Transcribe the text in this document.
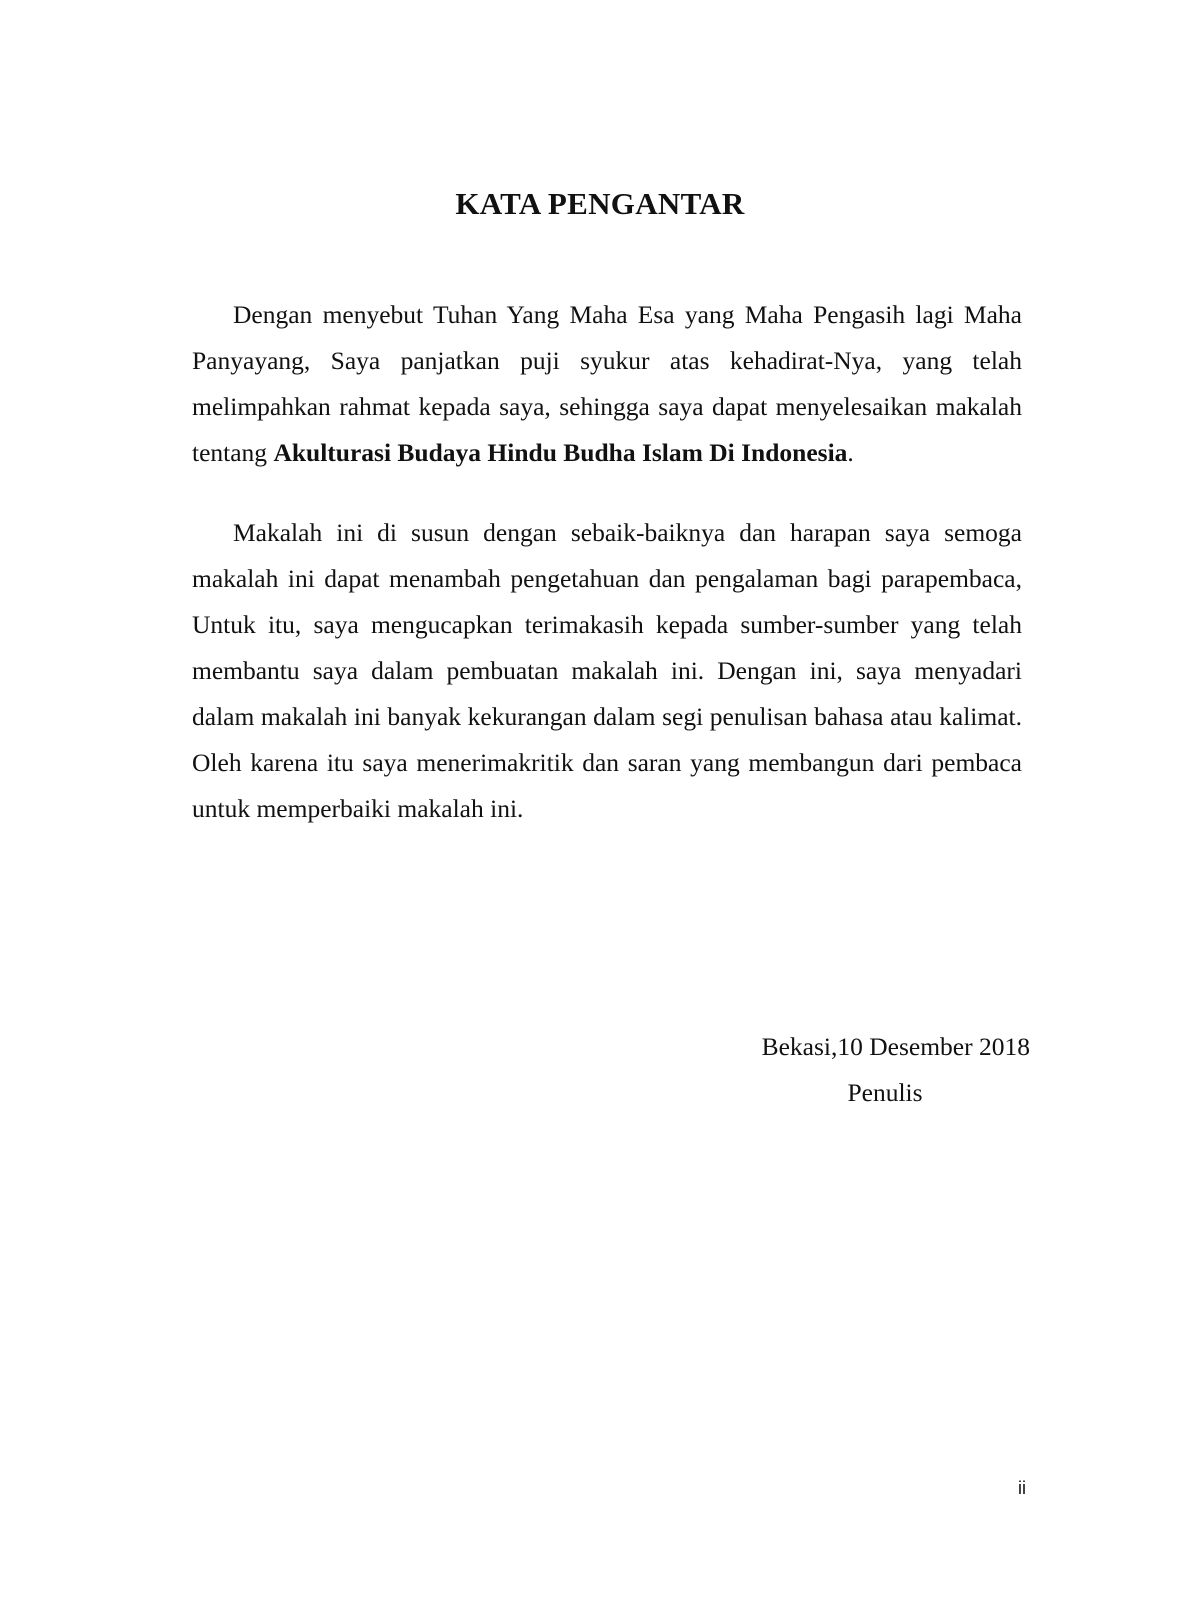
KATA PENGANTAR

Dengan menyebut Tuhan Yang Maha Esa yang Maha Pengasih lagi Maha Panyayang, Saya panjatkan puji syukur atas kehadirat-Nya, yang telah melimpahkan rahmat kepada saya, sehingga saya dapat menyelesaikan makalah tentang Akulturasi Budaya Hindu Budha Islam Di Indonesia.

Makalah ini di susun dengan sebaik-baiknya dan harapan saya semoga makalah ini dapat menambah pengetahuan dan pengalaman bagi parapembaca, Untuk itu, saya mengucapkan terimakasih kepada sumber-sumber yang telah membantu saya dalam pembuatan makalah ini. Dengan ini, saya menyadari dalam makalah ini banyak kekurangan dalam segi penulisan bahasa atau kalimat. Oleh karena itu saya menerimakritik dan saran yang membangun dari pembaca untuk memperbaiki makalah ini.

Bekasi,10 Desember 2018
Penulis
ii
